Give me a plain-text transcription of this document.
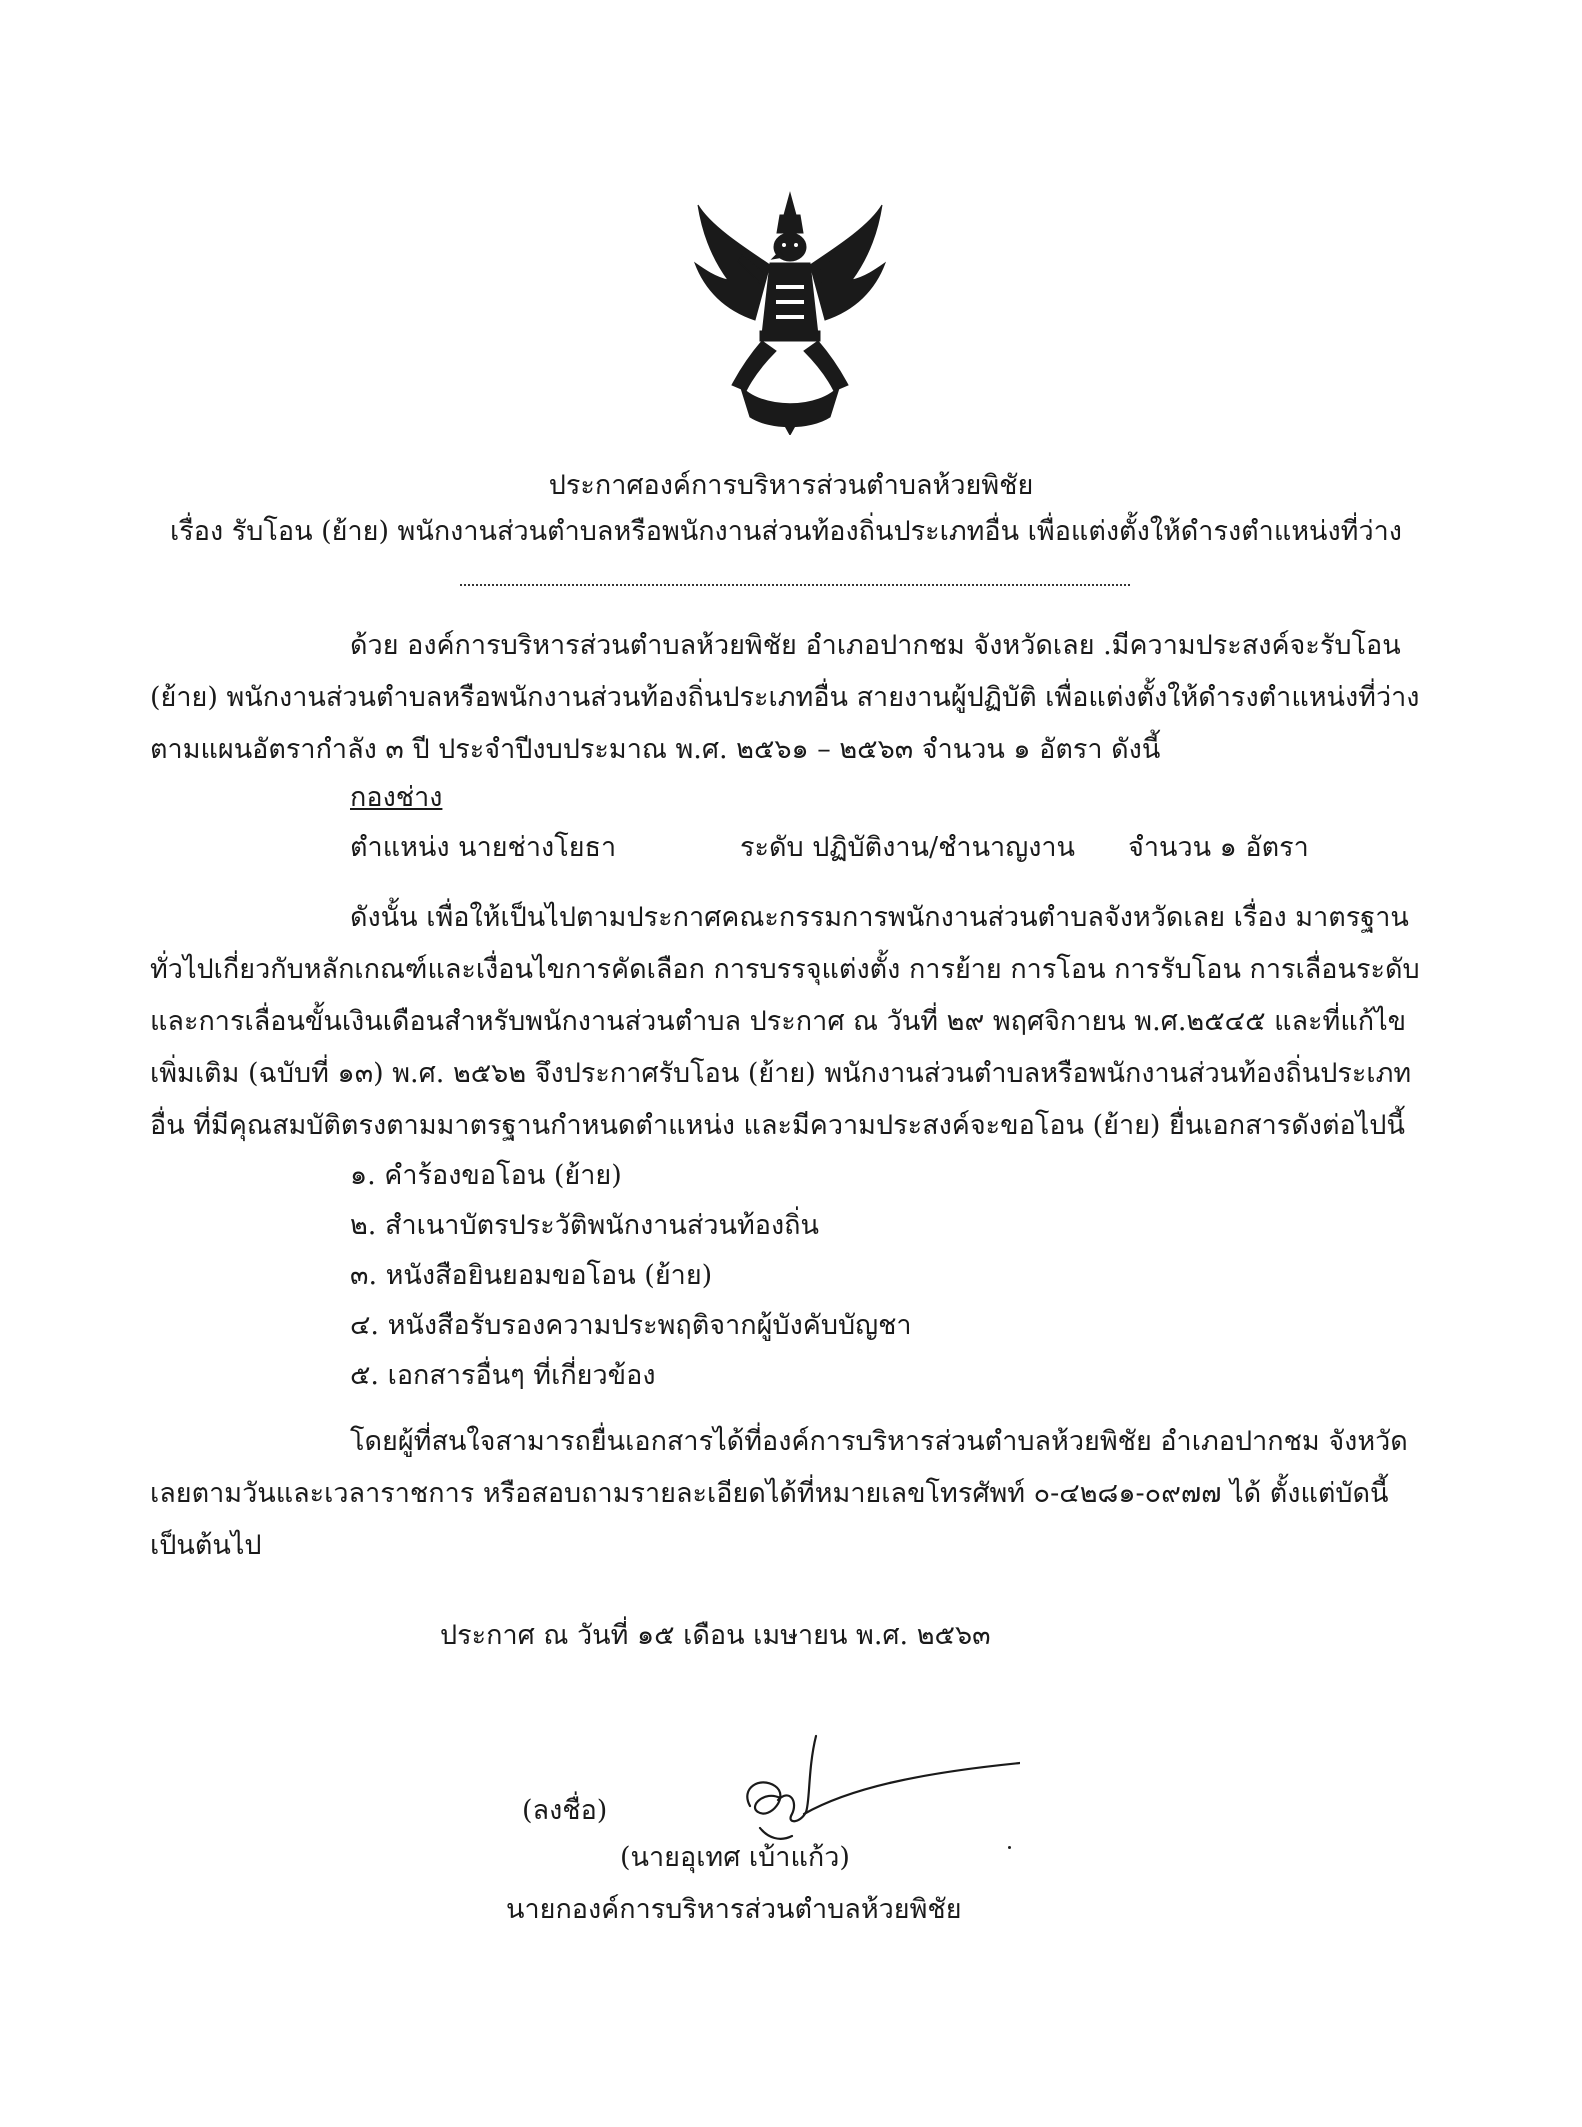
ประกาศองค์การบริหารส่วนตำบลห้วยพิชัย
เรื่อง รับโอน (ย้าย) พนักงานส่วนตำบลหรือพนักงานส่วนท้องถิ่นประเภทอื่น เพื่อแต่งตั้งให้ดำรงตำแหน่งที่ว่าง
ด้วย องค์การบริหารส่วนตำบลห้วยพิชัย อำเภอปากชม จังหวัดเลย .มีความประสงค์จะรับโอน
(ย้าย) พนักงานส่วนตำบลหรือพนักงานส่วนท้องถิ่นประเภทอื่น สายงานผู้ปฏิบัติ เพื่อแต่งตั้งให้ดำรงตำแหน่งที่ว่าง
ตามแผนอัตรากำลัง ๓ ปี ประจำปีงบประมาณ พ.ศ. ๒๕๖๑ – ๒๕๖๓ จำนวน ๑ อัตรา ดังนี้
กองช่าง
ตำแหน่ง นายช่างโยธา	ระดับ ปฏิบัติงาน/ชำนาญงาน จำนวน ๑ อัตรา
ดังนั้น เพื่อให้เป็นไปตามประกาศคณะกรรมการพนักงานส่วนตำบลจังหวัดเลย เรื่อง มาตรฐาน
ทั่วไปเกี่ยวกับหลักเกณฑ์และเงื่อนไขการคัดเลือก การบรรจุแต่งตั้ง การย้าย การโอน การรับโอน การเลื่อนระดับ
และการเลื่อนขั้นเงินเดือนสำหรับพนักงานส่วนตำบล ประกาศ ณ วันที่ ๒๙ พฤศจิกายน พ.ศ.๒๕๔๕ และที่แก้ไข
เพิ่มเติม (ฉบับที่ ๑๓) พ.ศ. ๒๕๖๒ จึงประกาศรับโอน (ย้าย) พนักงานส่วนตำบลหรือพนักงานส่วนท้องถิ่นประเภท
อื่น ที่มีคุณสมบัติตรงตามมาตรฐานกำหนดตำแหน่ง และมีความประสงค์จะขอโอน (ย้าย) ยื่นเอกสารดังต่อไปนี้
๑. คำร้องขอโอน (ย้าย)
๒. สำเนาบัตรประวัติพนักงานส่วนท้องถิ่น
๓. หนังสือยินยอมขอโอน (ย้าย)
๔. หนังสือรับรองความประพฤติจากผู้บังคับบัญชา
๕. เอกสารอื่นๆ ที่เกี่ยวข้อง
โดยผู้ที่สนใจสามารถยื่นเอกสารได้ที่องค์การบริหารส่วนตำบลห้วยพิชัย อำเภอปากชม จังหวัด
เลยตามวันและเวลาราชการ หรือสอบถามรายละเอียดได้ที่หมายเลขโทรศัพท์ ๐-๔๒๘๑-๐๙๗๗ ได้ ตั้งแต่บัดนี้
เป็นต้นไป
ประกาศ ณ วันที่ ๑๕ เดือน เมษายน พ.ศ. ๒๕๖๓
(ลงชื่อ)
(นายอุเทศ เบ้าแก้ว)
นายกองค์การบริหารส่วนตำบลห้วยพิชัย
